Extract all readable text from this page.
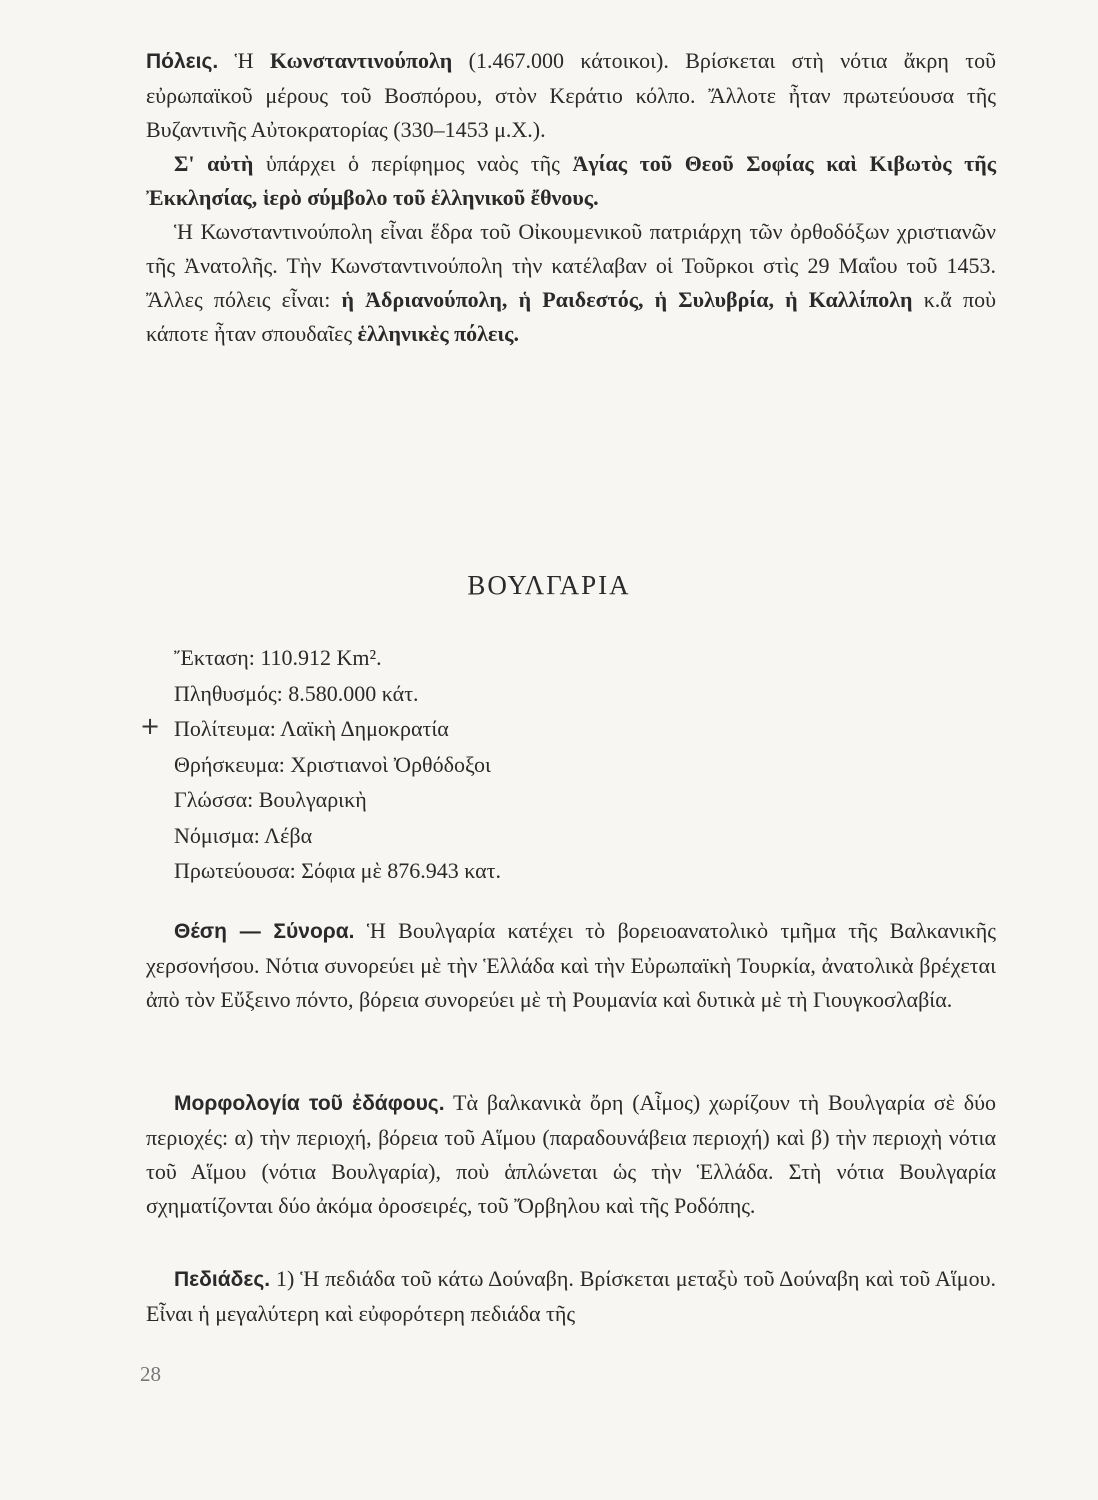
Πόλεις. Ἡ Κωνσταντινούπολη (1.467.000 κάτοικοι). Βρίσκεται στὴ νότια ἄκρη τοῦ εὐρωπαϊκοῦ μέρους τοῦ Βοσπόρου, στὸν Κεράτιο κόλπο. Ἄλλοτε ἦταν πρωτεύουσα τῆς Βυζαντινῆς Αὐτοκρατορίας (330–1453 μ.Χ.).

Σ' αὐτὴ ὑπάρχει ὁ περίφημος ναὸς τῆς Ἁγίας τοῦ Θεοῦ Σοφίας καὶ Κιβωτὸς τῆς Ἐκκλησίας, ἱερὸ σύμβολο τοῦ ἑλληνικοῦ ἔθνους.

Ἡ Κωνσταντινούπολη εἶναι ἕδρα τοῦ Οἰκουμενικοῦ πατριάρχη τῶν ὀρθοδόξων χριστιανῶν τῆς Ἀνατολῆς. Τὴν Κωνσταντινούπολη τὴν κατέλαβαν οἱ Τοῦρκοι στὶς 29 Μαΐου τοῦ 1453. Ἄλλες πόλεις εἶναι: ἡ Ἀδριανούπολη, ἡ Ραιδεστός, ἡ Συλυβρία, ἡ Καλλίπολη κ.ἄ ποὺ κάποτε ἦταν σπουδαῖες ἑλληνικὲς πόλεις.

ΒΟΥΛΓΑΡΙΑ
+
Ἔκταση: 110.912 Km².
Πληθυσμός: 8.580.000 κάτ.
Πολίτευμα: Λαϊκὴ Δημοκρατία
Θρήσκευμα: Χριστιανοὶ Ὀρθόδοξοι
Γλώσσα: Βουλγαρικὴ
Νόμισμα: Λέβα
Πρωτεύουσα: Σόφια μὲ 876.943 κατ.

Θέση — Σύνορα. Ἡ Βουλγαρία κατέχει τὸ βορειοανατολικὸ τμῆμα τῆς Βαλκανικῆς χερσονήσου. Νότια συνορεύει μὲ τὴν Ἑλλάδα καὶ τὴν Εὐρωπαϊκὴ Τουρκία, ἀνατολικὰ βρέχεται ἀπὸ τὸν Εὔξεινο πόντο, βόρεια συνορεύει μὲ τὴ Ρουμανία καὶ δυτικὰ μὲ τὴ Γιουγκοσλαβία.

Μορφολογία τοῦ ἐδάφους. Τὰ βαλκανικὰ ὄρη (Αἶμος) χωρίζουν τὴ Βουλγαρία σὲ δύο περιοχές: α) τὴν περιοχή, βόρεια τοῦ Αἵμου (παραδουνάβεια περιοχή) καὶ β) τὴν περιοχὴ νότια τοῦ Αἵμου (νότια Βουλγαρία), ποὺ ἁπλώνεται ὡς τὴν Ἑλλάδα. Στὴ νότια Βουλγαρία σχηματίζονται δύο ἀκόμα ὀροσειρές, τοῦ Ὄρβηλου καὶ τῆς Ροδόπης.

Πεδιάδες. 1) Ἡ πεδιάδα τοῦ κάτω Δούναβη. Βρίσκεται μεταξὺ τοῦ Δούναβη καὶ τοῦ Αἵμου. Εἶναι ἡ μεγαλύτερη καὶ εὐφορότερη πεδιάδα τῆς

28
